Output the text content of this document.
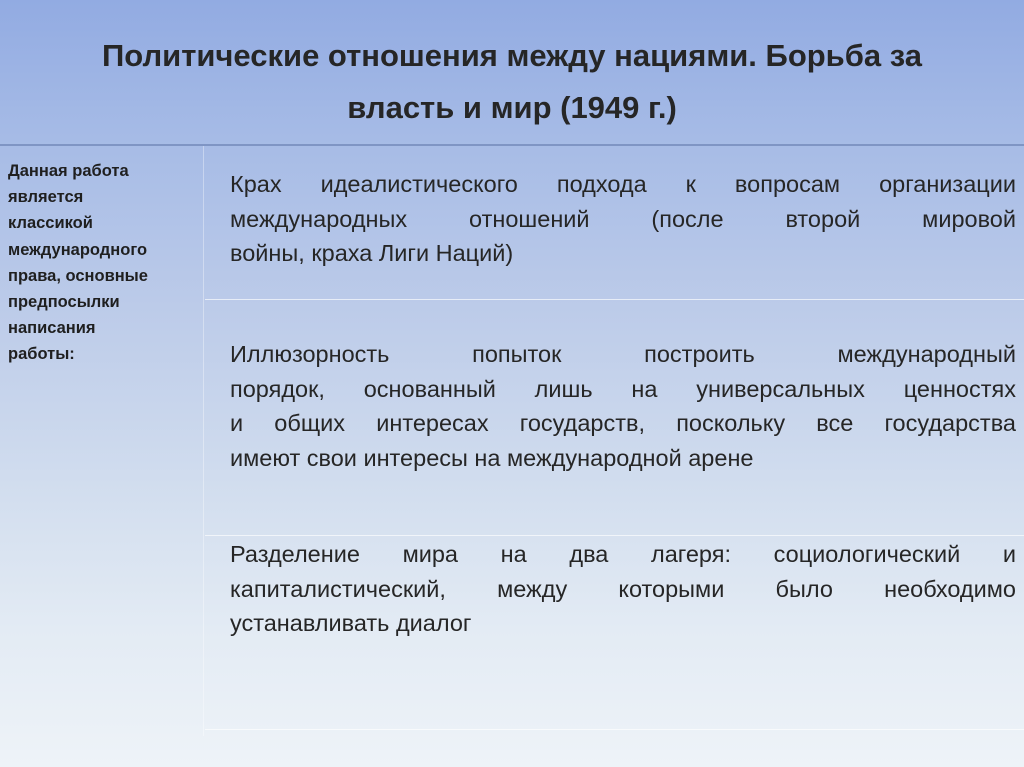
Политические отношения между нациями. Борьба за
власть и мир (1949 г.)
Данная работа
является
классикой
международного
права, основные
предпосылки
написания
работы:
Крах идеалистического подхода к вопросам организации
международных отношений (после второй мировой
войны, краха Лиги Наций)
Иллюзорность попыток построить международный
порядок, основанный лишь на универсальных ценностях
и общих интересах государств, поскольку все государства
имеют свои интересы на международной арене
Разделение мира на два лагеря: социологический и
капиталистический, между которыми было необходимо
устанавливать диалог
